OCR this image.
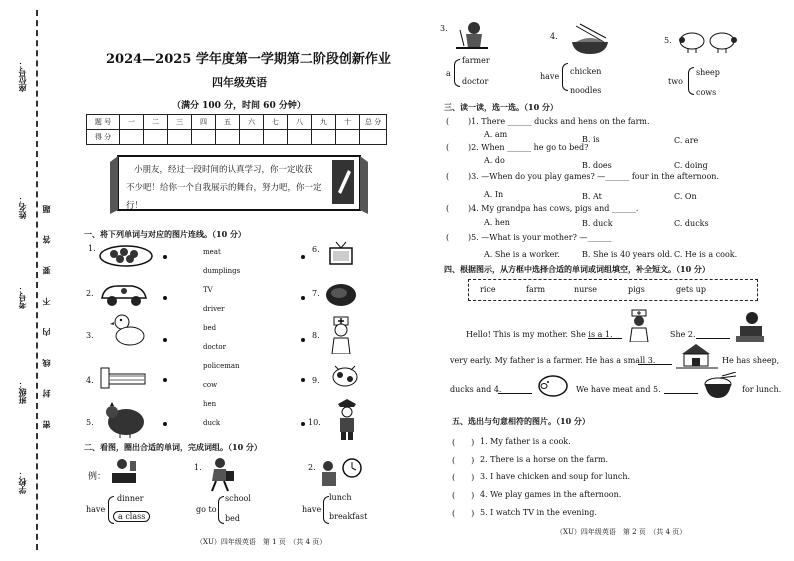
座位号：
姓名：
考号：
班级：
学校：
密 封 线 内 不 要 答 题
2024—2025 学年度第一学期第二阶段创新作业
四年级英语
（满分 100 分，时间 60 分钟）
题 号	一	二	三	四	五	六	七	八	九	十	总 分
得 分											
小朋友，经过一段时间的认真学习，你一定收获
不少吧！给你一个自我展示的舞台，努力吧，你一定
行！
一、将下列单词与对应的图片连线。（10 分）
1.
2.
3.
4.
5.
6.
7.
8.
9.
10.
meat
dumplings
TV
driver
bed
doctor
policeman
cow
hen
duck
二、看图，圈出合适的单词，完成词组。（10 分）
例：
have
dinner
a class
1.
go to
school
bed
2.
have
lunch
breakfast
（XU）四年级英语　第 1 页　（共 4 页）
3.
a
farmer
doctor
4.
have
chicken
noodles
5.
two
sheep
cows
三、读一读，选一选。（10 分）
( )1. There ______ ducks and hens on the farm.
A. am
B. is	C. are
( )2. When ______ he go to bed?
A. do
B. does	C. doing
( )3. —When do you play games? —______ four in the afternoon.
A. In	B. At	C. On
( )4. My grandpa has cows, pigs and ______.
A. hen	B. duck	C. ducks
( )5. —What is your mother? —______
A. She is a worker.	B. She is 40 years old. C. He is a cook.
四、根据图示，从方框中选择合适的单词或词组填空，补全短文。（10 分）
rice	farm	nurse	pigs	gets up
Hello! This is my mother. She is a 1.	She 2.
very early. My father is a farmer. He has a small 3.	He has sheep,
ducks and 4.	We have meat and 5.	for lunch.
五、选出与句意相符的图片。（10 分）
(　　) 1. My father is a cook.
(　　) 2. There is a horse on the farm.
(　　) 3. I have chicken and soup for lunch.
(　　) 4. We play games in the afternoon.
(　　) 5. I watch TV in the evening.
（XU）四年级英语　第 2 页　（共 4 页）
